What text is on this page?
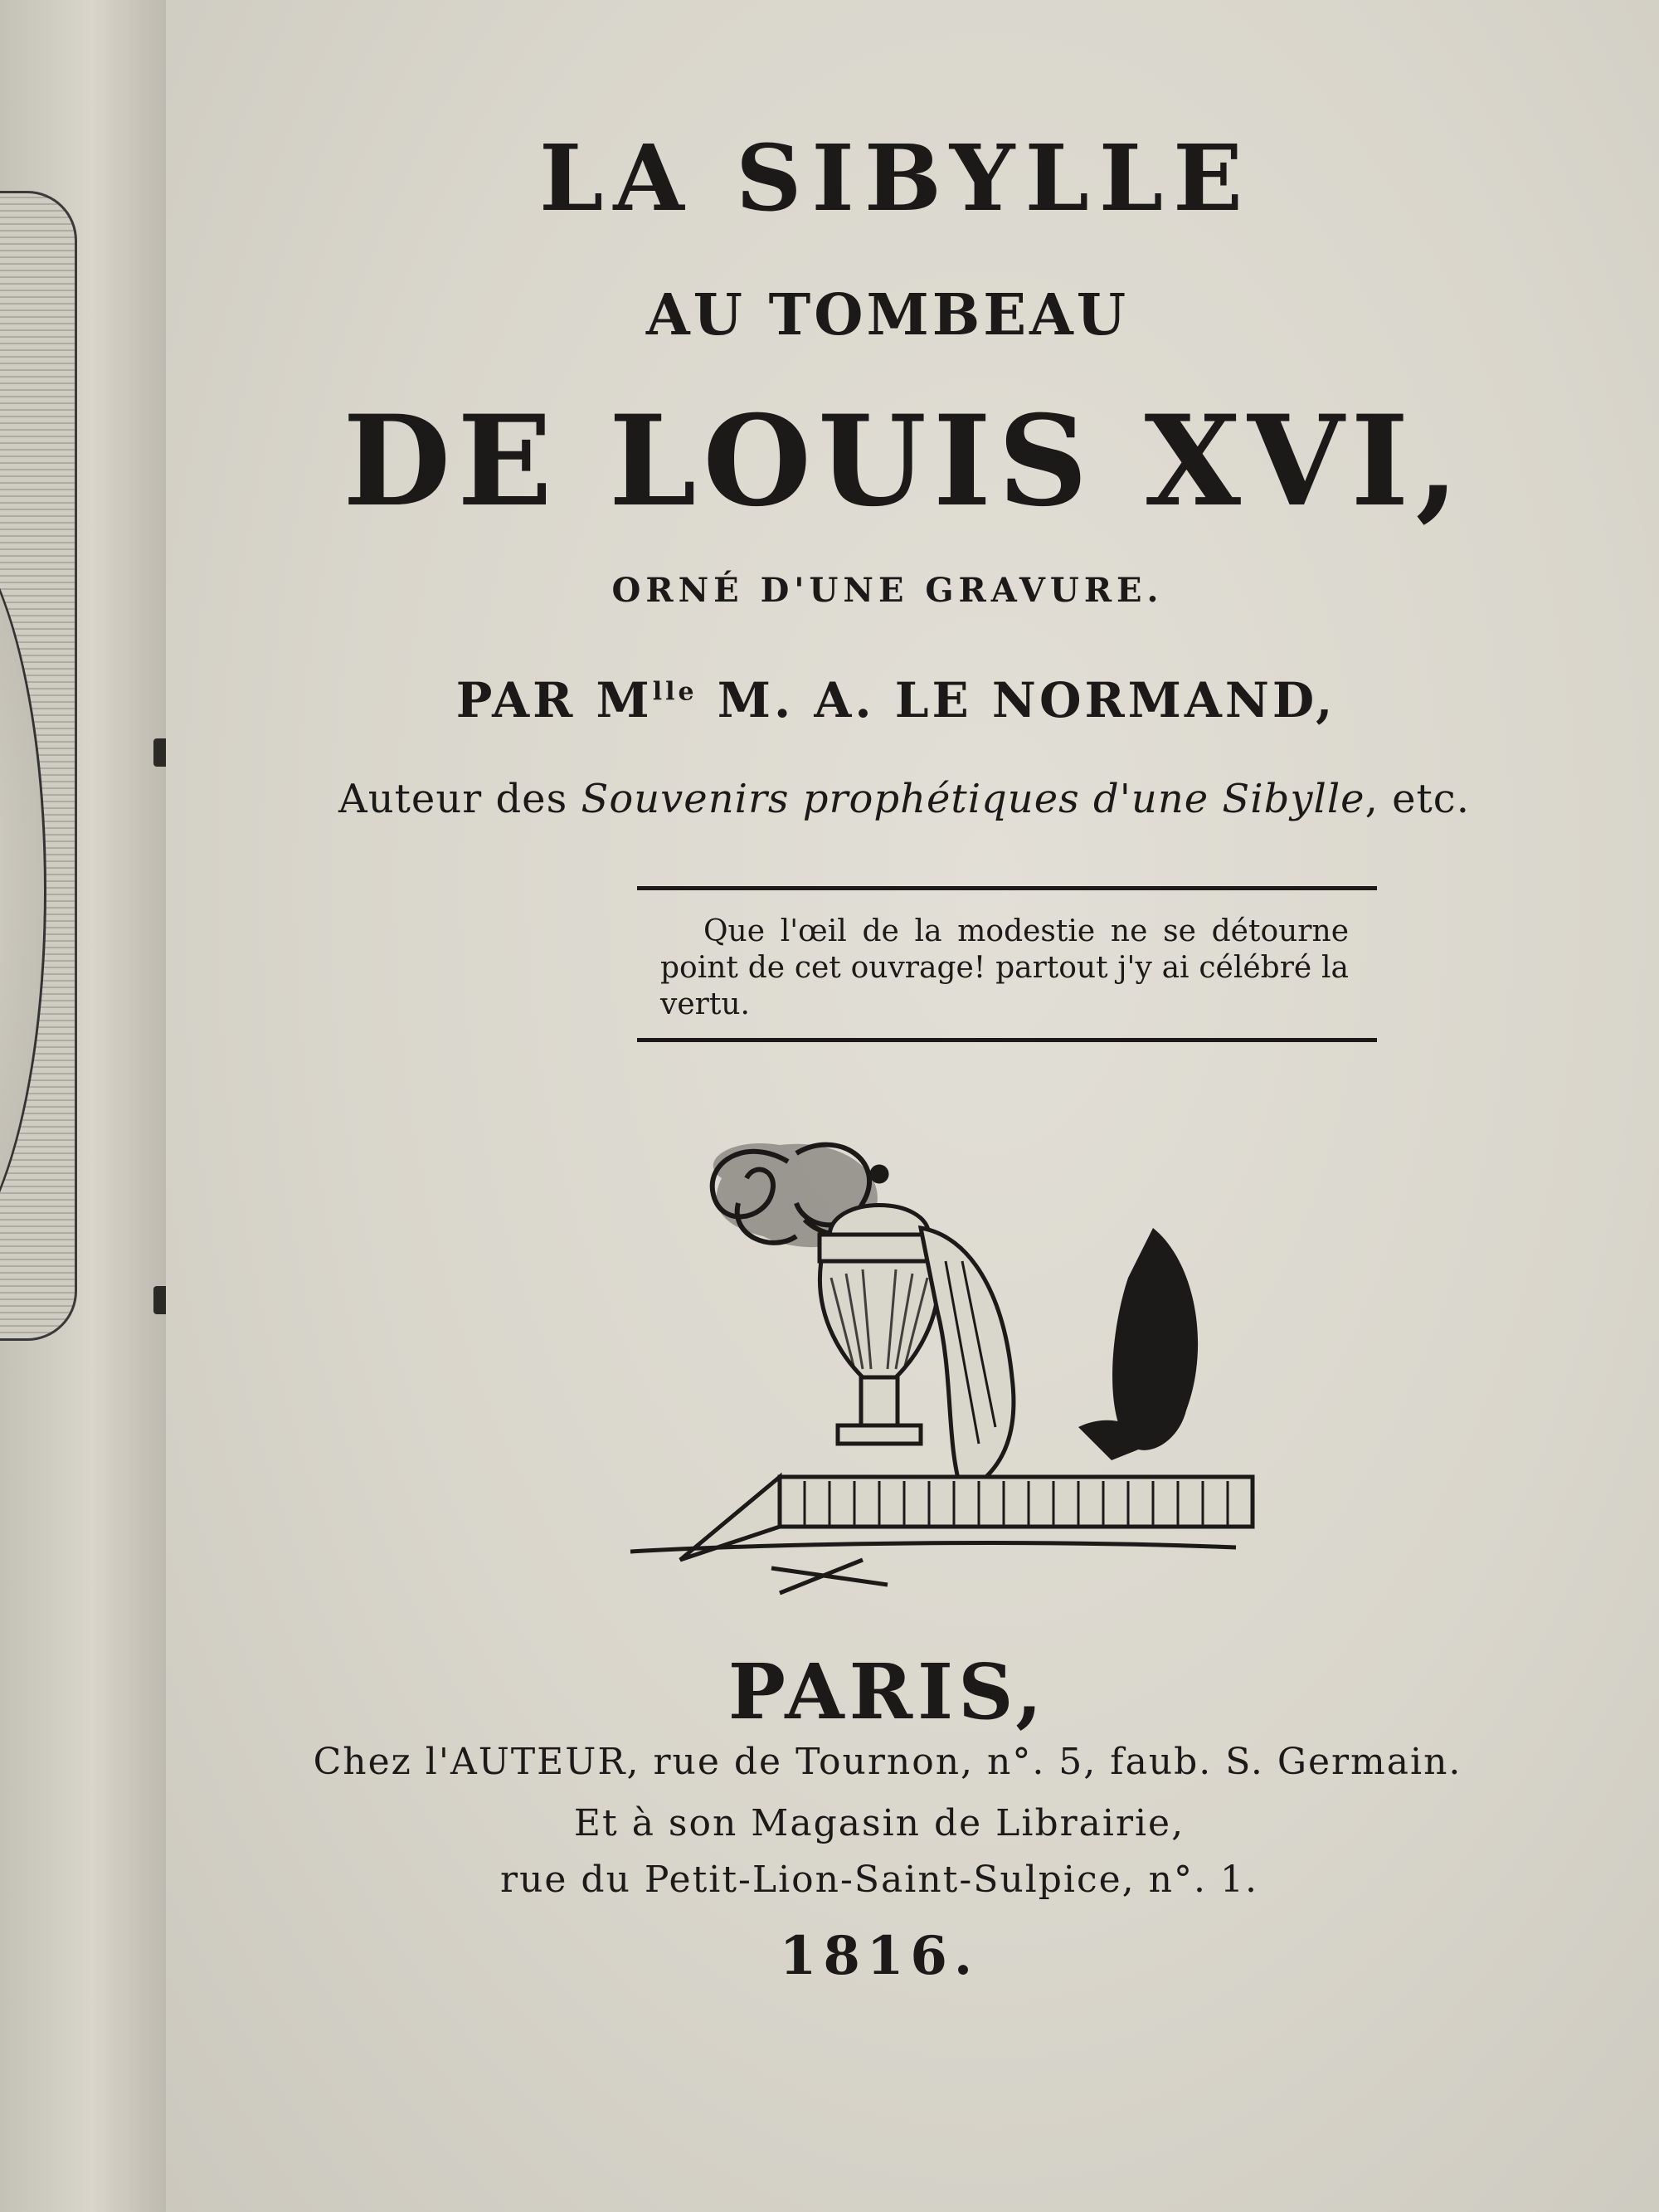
LA SIBYLLE
AU TOMBEAU
DE LOUIS XVI,
ORNÉ D'UNE GRAVURE.
PAR $M^{lle}$ M. A. LE NORMAND,
Auteur des Souvenirs prophétiques d'une Sibylle, etc.
Que l'œil de la modestie ne se détourne point de cet ouvrage! partout j'y ai célébré la vertu.
PARIS,
Chez l'AUTEUR, rue de Tournon, n°. 5, faub. S. Germain.
Et à son Magasin de Librairie,
rue du Petit-Lion-Saint-Sulpice, n°. 1.
1816.
